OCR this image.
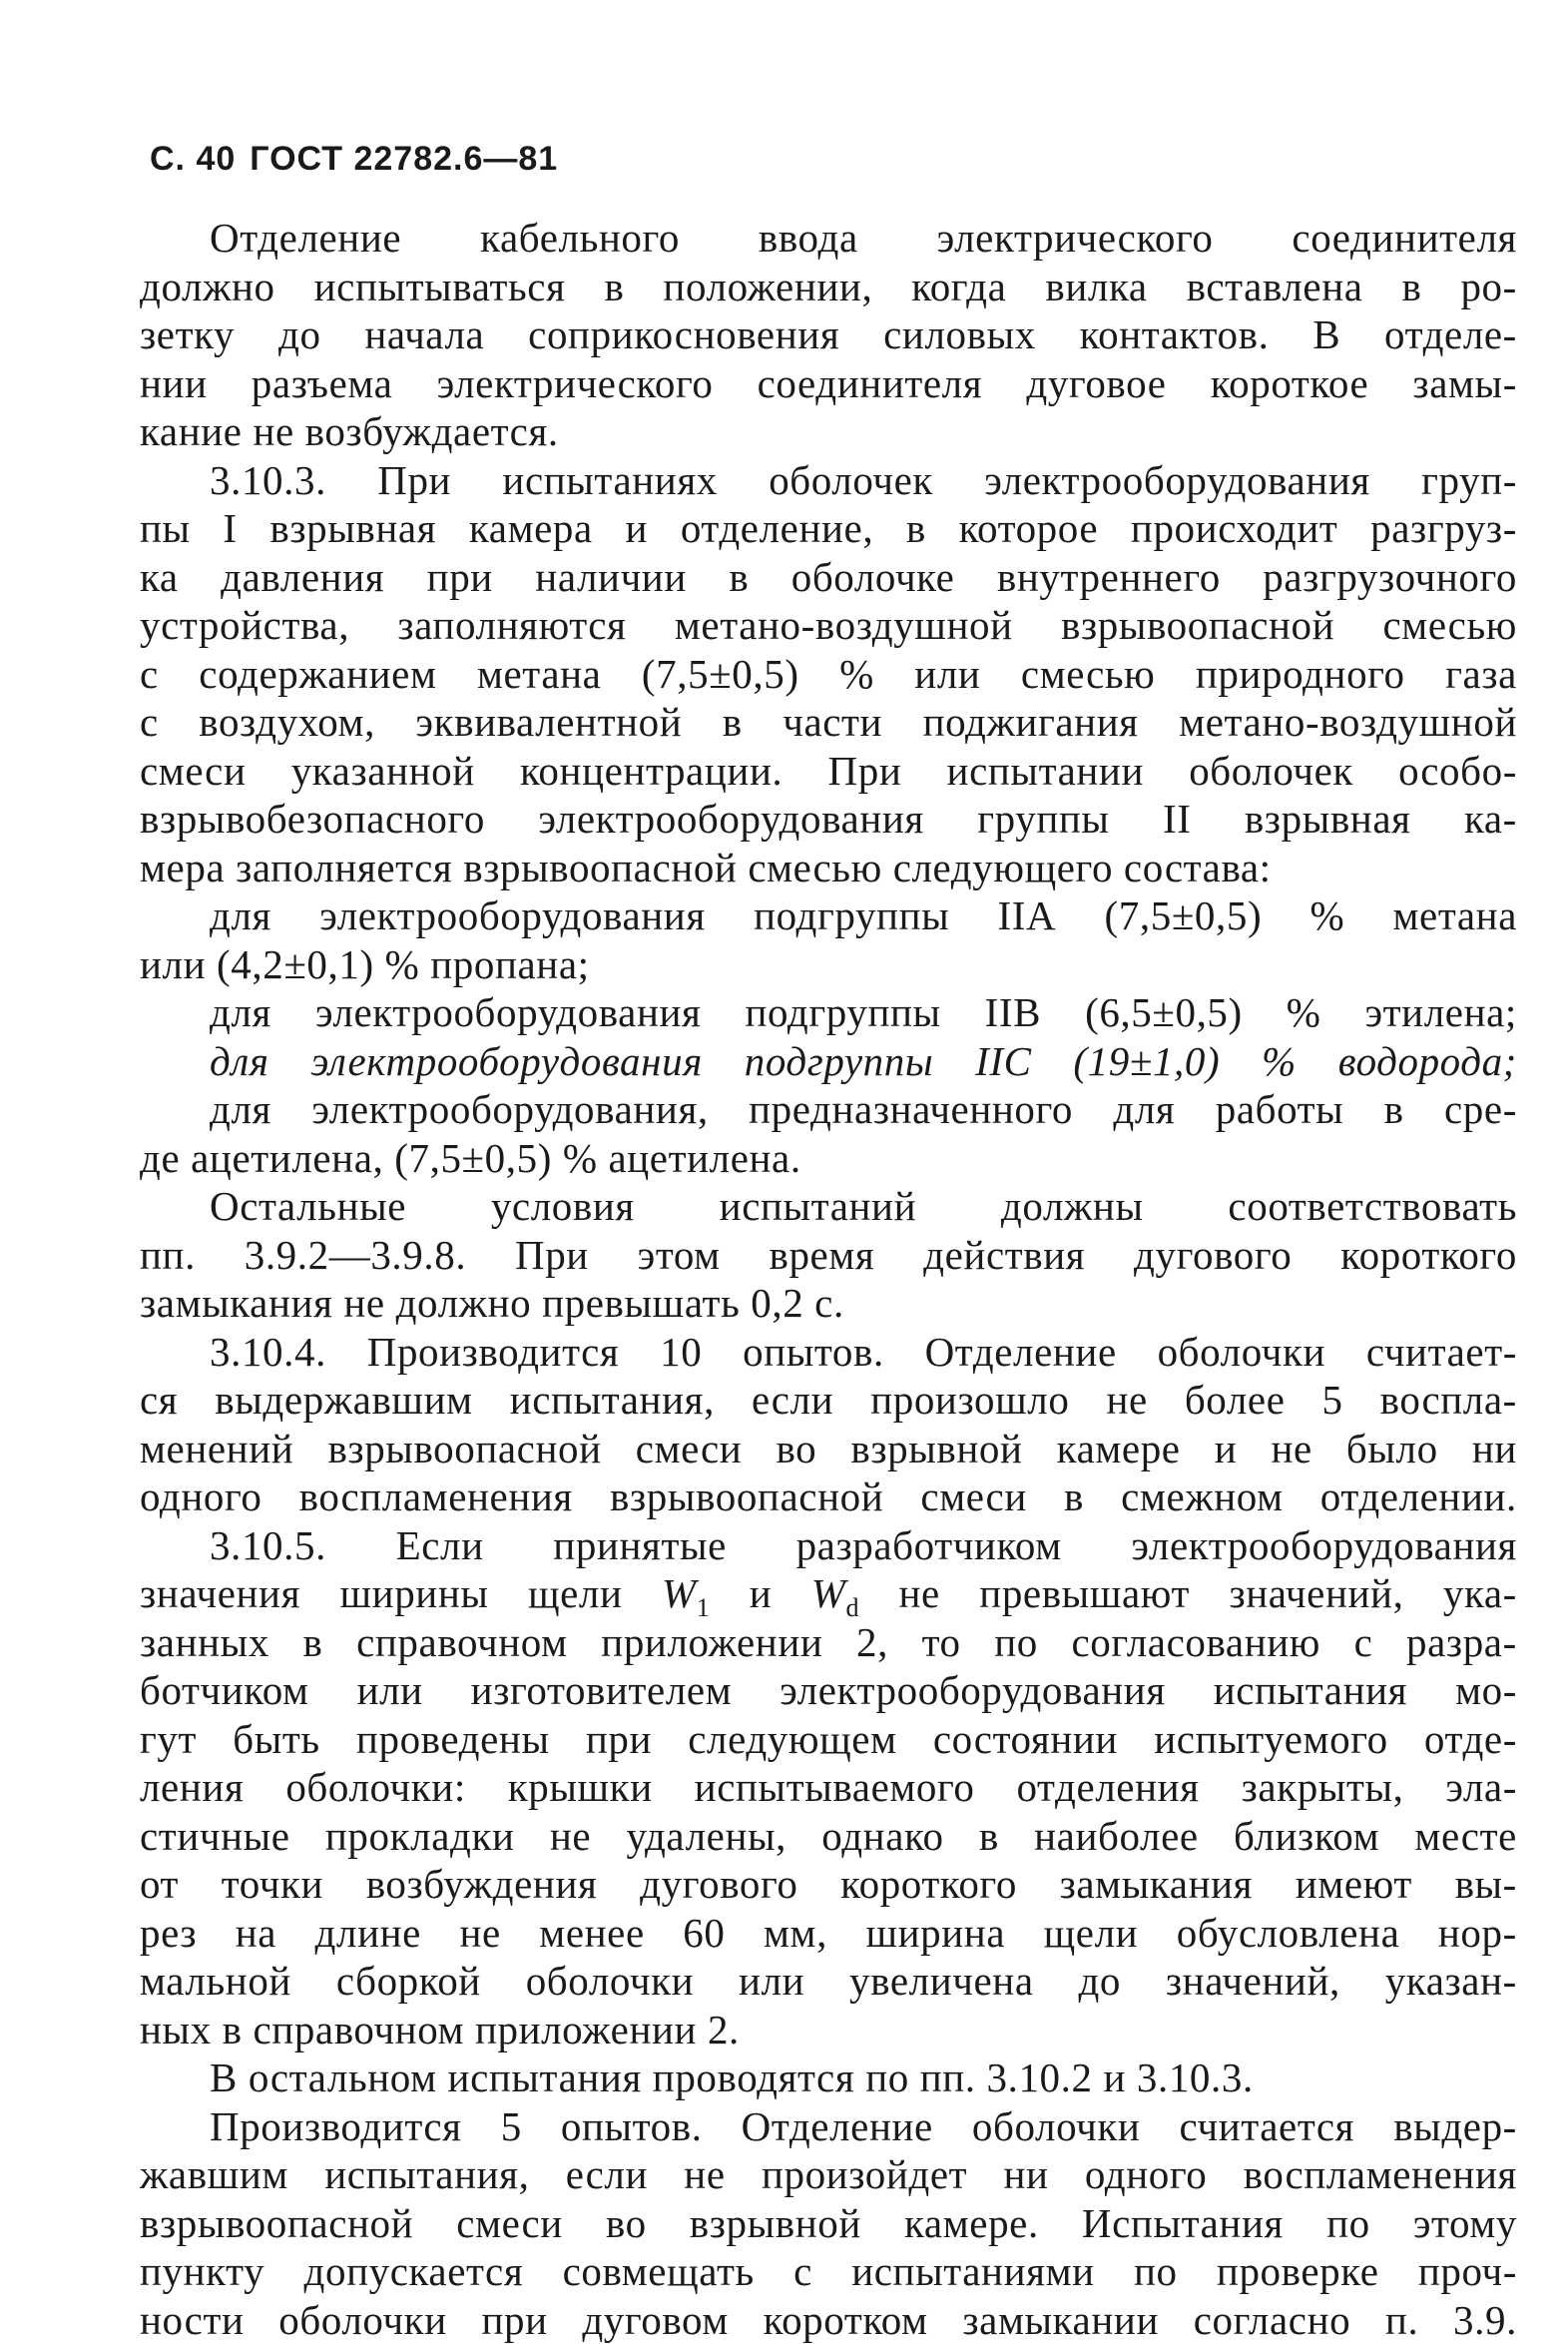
С. 40 ГОСТ 22782.6—81
Отделение кабельного ввода электрического соединителя
должно испытываться в положении, когда вилка вставлена в ро-
зетку до начала соприкосновения силовых контактов. В отделе-
нии разъема электрического соединителя дуговое короткое замы-
кание не возбуждается.
3.10.3. При испытаниях оболочек электрооборудования груп-
пы I взрывная камера и отделение, в которое происходит разгруз-
ка давления при наличии в оболочке внутреннего разгрузочного
устройства, заполняются метано-воздушной взрывоопасной смесью
с содержанием метана (7,5±0,5) % или смесью природного газа
с воздухом, эквивалентной в части поджигания метано-воздушной
смеси указанной концентрации. При испытании оболочек особо-
взрывобезопасного электрооборудования группы II взрывная ка-
мера заполняется взрывоопасной смесью следующего состава:
для электрооборудования подгруппы IIA (7,5±0,5) % метана
или (4,2±0,1) % пропана;
для электрооборудования подгруппы IIB (6,5±0,5) % этилена;
для электрооборудования подгруппы IIC (19±1,0) % водорода;
для электрооборудования, предназначенного для работы в сре-
де ацетилена, (7,5±0,5) % ацетилена.
Остальные условия испытаний должны соответствовать
пп. 3.9.2—3.9.8. При этом время действия дугового короткого
замыкания не должно превышать 0,2 с.
3.10.4. Производится 10 опытов. Отделение оболочки считает-
ся выдержавшим испытания, если произошло не более 5 воспла-
менений взрывоопасной смеси во взрывной камере и не было ни
одного воспламенения взрывоопасной смеси в смежном отделении.
3.10.5. Если принятые разработчиком электрооборудования
значения ширины щели $W_1$ и $W_d$ не превышают значений, ука-
занных в справочном приложении 2, то по согласованию с разра-
ботчиком или изготовителем электрооборудования испытания мо-
гут быть проведены при следующем состоянии испытуемого отде-
ления оболочки: крышки испытываемого отделения закрыты, эла-
стичные прокладки не удалены, однако в наиболее близком месте
от точки возбуждения дугового короткого замыкания имеют вы-
рез на длине не менее 60 мм, ширина щели обусловлена нор-
мальной сборкой оболочки или увеличена до значений, указан-
ных в справочном приложении 2.
В остальном испытания проводятся по пп. 3.10.2 и 3.10.3.
Производится 5 опытов. Отделение оболочки считается выдер-
жавшим испытания, если не произойдет ни одного воспламенения
взрывоопасной смеси во взрывной камере. Испытания по этому
пункту допускается совмещать с испытаниями по проверке проч-
ности оболочки при дуговом коротком замыкании согласно п. 3.9.
